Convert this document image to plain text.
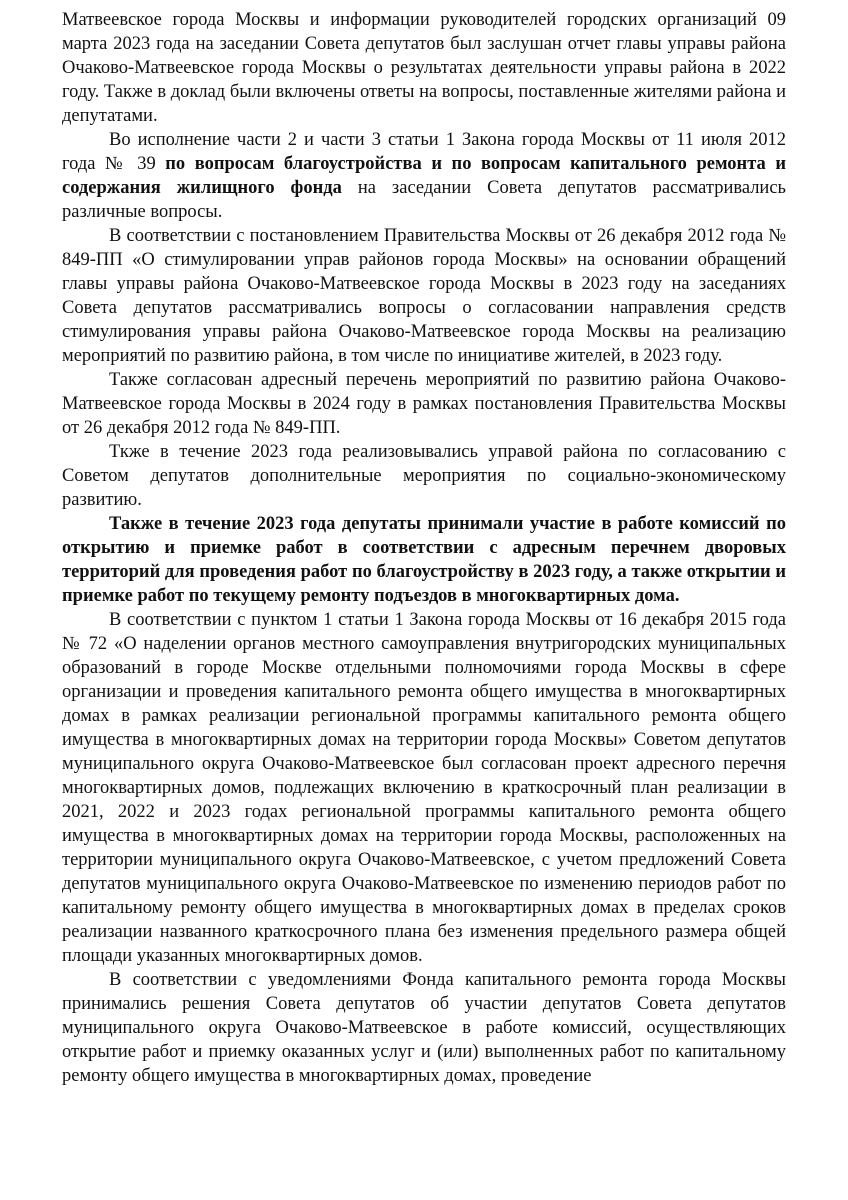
Матвеевское города Москвы и информации руководителей городских организаций 09 марта 2023 года на заседании Совета депутатов был заслушан отчет главы управы района Очаково-Матвеевское города Москвы о результатах деятельности управы района в 2022 году. Также в доклад были включены ответы на вопросы, поставленные жителями района и депутатами.

Во исполнение части 2 и части 3 статьи 1 Закона города Москвы от 11 июля 2012 года № 39 по вопросам благоустройства и по вопросам капитального ремонта и содержания жилищного фонда на заседании Совета депутатов рассматривались различные вопросы.

В соответствии с постановлением Правительства Москвы от 26 декабря 2012 года № 849-ПП «О стимулировании управ районов города Москвы» на основании обращений главы управы района Очаково-Матвеевское города Москвы в 2023 году на заседаниях Совета депутатов рассматривались вопросы о согласовании направления средств стимулирования управы района Очаково-Матвеевское города Москвы на реализацию мероприятий по развитию района, в том числе по инициативе жителей, в 2023 году.

Также согласован адресный перечень мероприятий по развитию района Очаково-Матвеевское города Москвы в 2024 году в рамках постановления Правительства Москвы от 26 декабря 2012 года № 849-ПП.

Ткже в течение 2023 года реализовывались управой района по согласованию с Советом депутатов дополнительные мероприятия по социально-экономическому развитию.

Также в течение 2023 года депутаты принимали участие в работе комиссий по открытию и приемке работ в соответствии с адресным перечнем дворовых территорий для проведения работ по благоустройству в 2023 году, а также открытии и приемке работ по текущему ремонту подъездов в многоквартирных дома.

В соответствии с пунктом 1 статьи 1 Закона города Москвы от 16 декабря 2015 года № 72 «О наделении органов местного самоуправления внутригородских муниципальных образований в городе Москве отдельными полномочиями города Москвы в сфере организации и проведения капитального ремонта общего имущества в многоквартирных домах в рамках реализации региональной программы капитального ремонта общего имущества в многоквартирных домах на территории города Москвы» Советом депутатов муниципального округа Очаково-Матвеевское был согласован проект адресного перечня многоквартирных домов, подлежащих включению в краткосрочный план реализации в 2021, 2022 и 2023 годах региональной программы капитального ремонта общего имущества в многоквартирных домах на территории города Москвы, расположенных на территории муниципального округа Очаково-Матвеевское, с учетом предложений Совета депутатов муниципального округа Очаково-Матвеевское по изменению периодов работ по капитальному ремонту общего имущества в многоквартирных домах в пределах сроков реализации названного краткосрочного плана без изменения предельного размера общей площади указанных многоквартирных домов.

В соответствии с уведомлениями Фонда капитального ремонта города Москвы принимались решения Совета депутатов об участии депутатов Совета депутатов муниципального округа Очаково-Матвеевское в работе комиссий, осуществляющих открытие работ и приемку оказанных услуг и (или) выполненных работ по капитальному ремонту общего имущества в многоквартирных домах, проведение
